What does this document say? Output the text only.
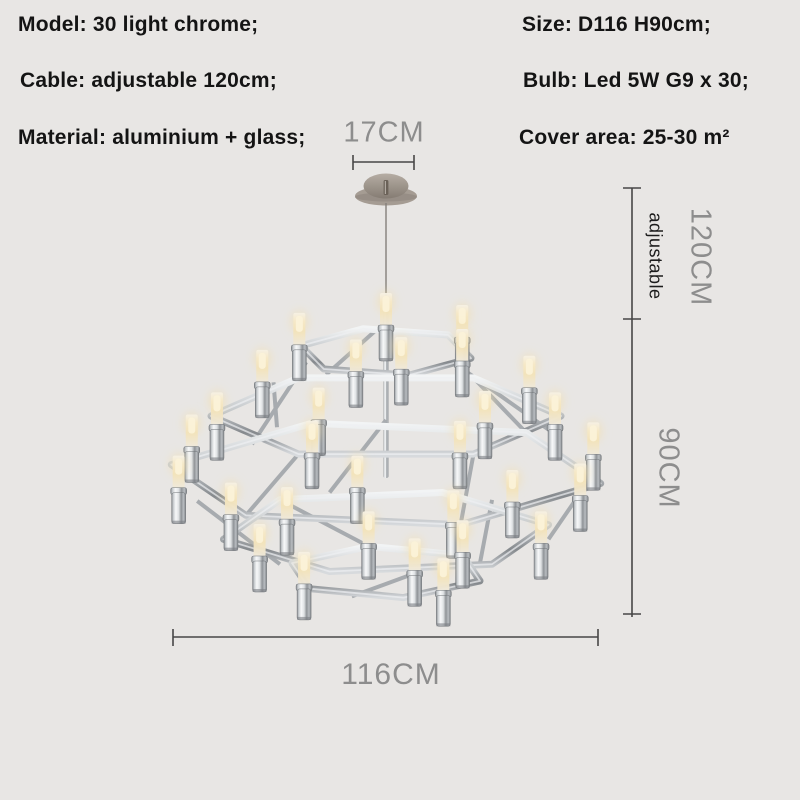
Model: 30 light chrome;
Cable: adjustable 120cm;
Material: aluminium + glass;
Size: D116 H90cm;
Bulb: Led 5W G9 x 30;
Cover area: 25-30 m²
17CM
120CM
adjustable
90CM
116CM
